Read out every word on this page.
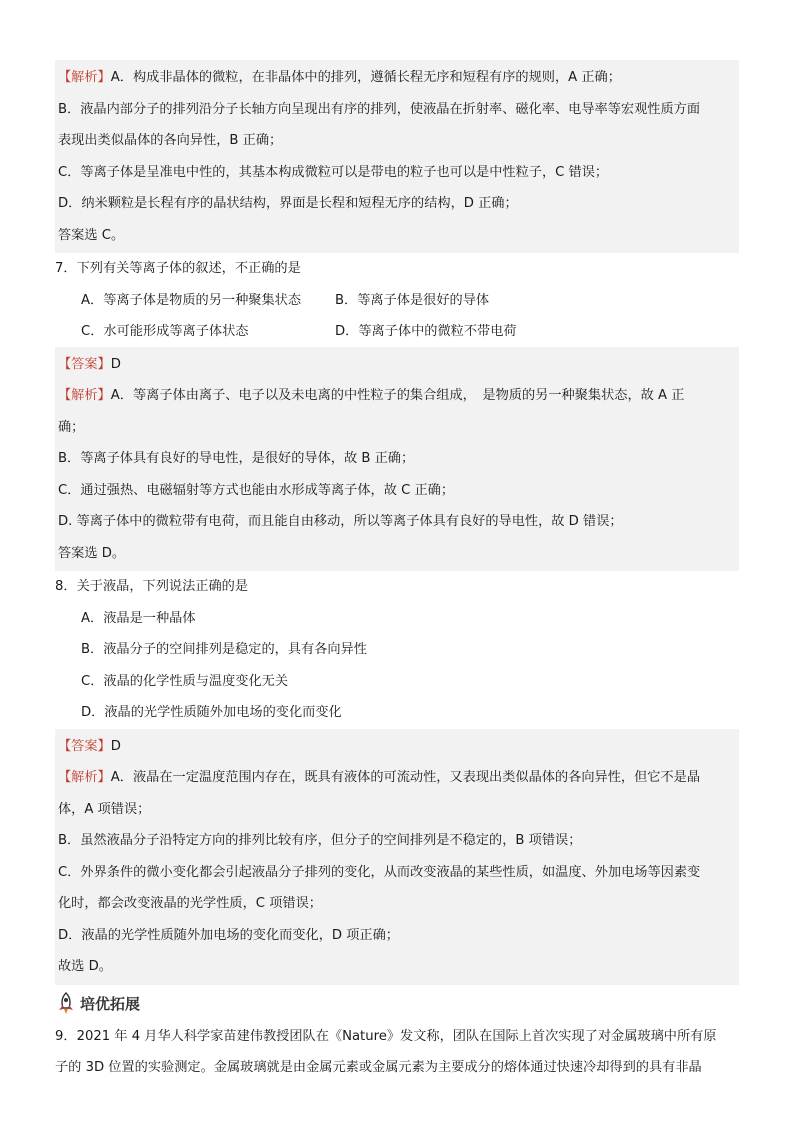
【解析】A．构成非晶体的微粒，在非晶体中的排列，遵循长程无序和短程有序的规则，A 正确；
B．液晶内部分子的排列沿分子长轴方向呈现出有序的排列，使液晶在折射率、磁化率、电导率等宏观性质方面
表现出类似晶体的各向异性，B 正确；
C．等离子体是呈准电中性的，其基本构成微粒可以是带电的粒子也可以是中性粒子，C 错误；
D．纳米颗粒是长程有序的晶状结构，界面是长程和短程无序的结构，D 正确；
答案选 C。
7．下列有关等离子体的叙述，不正确的是
A．等离子体是物质的另一种聚集状态	B．等离子体是很好的导体
C．水可能形成等离子体状态	D．等离子体中的微粒不带电荷
【答案】D
【解析】A．等离子体由离子、电子以及未电离的中性粒子的集合组成，　是物质的另一种聚集状态，故 A 正
确；
B．等离子体具有良好的导电性，是很好的导体，故 B 正确；
C．通过强热、电磁辐射等方式也能由水形成等离子体，故 C 正确；
D. 等离子体中的微粒带有电荷，而且能自由移动，所以等离子体具有良好的导电性，故 D 错误；
答案选 D。
8．关于液晶，下列说法正确的是
A．液晶是一种晶体
B．液晶分子的空间排列是稳定的，具有各向异性
C．液晶的化学性质与温度变化无关
D．液晶的光学性质随外加电场的变化而变化
【答案】D
【解析】A．液晶在一定温度范围内存在，既具有液体的可流动性，又表现出类似晶体的各向异性，但它不是晶
体，A 项错误；
B．虽然液晶分子沿特定方向的排列比较有序，但分子的空间排列是不稳定的，B 项错误；
C．外界条件的微小变化都会引起液晶分子排列的变化，从而改变液晶的某些性质，如温度、外加电场等因素变
化时，都会改变液晶的光学性质，C 项错误；
D．液晶的光学性质随外加电场的变化而变化，D 项正确；
故选 D。
培优拓展
9．2021 年 4 月华人科学家苗建伟教授团队在《Nature》发文称，团队在国际上首次实现了对金属玻璃中所有原
子的 3D 位置的实验测定。金属玻璃就是由金属元素或金属元素为主要成分的熔体通过快速冷却得到的具有非晶
